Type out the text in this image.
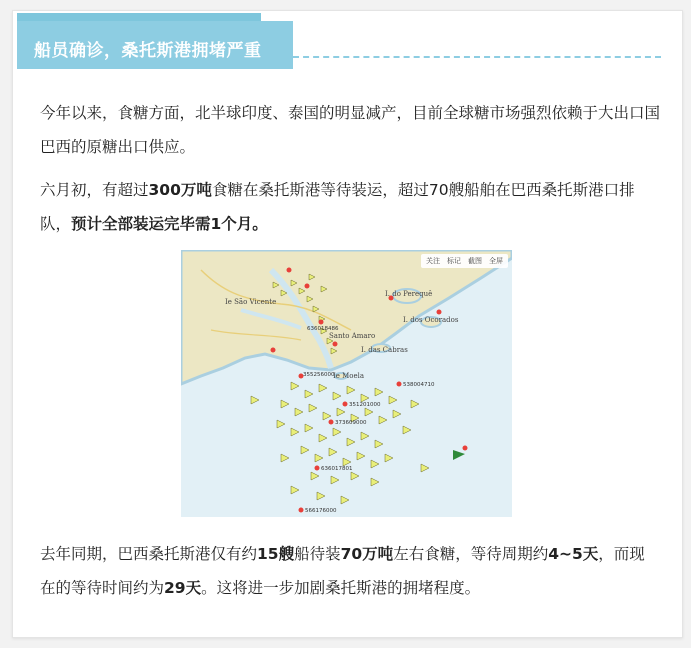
船员确诊，桑托斯港拥堵严重

今年以来，食糖方面，北半球印度、泰国的明显减产，目前全球糖市场强烈依赖于大出口国巴西的原糖出口供应。

六月初，有超过300万吨食糖在桑托斯港等待装运，超过70艘船舶在巴西桑托斯港口排队，预计全部装运完毕需1个月。

Ie São Vicente
Santo Amaro
Ie Moela
I. do Perequê
I. dos Ocorados
I. das Cabras
636018486
355256000
538004710
351201000
373609000
636017801
566176000
关注 标记 截图 全屏

去年同期，巴西桑托斯港仅有约15艘船待装70万吨左右食糖，等待周期约4~5天，而现在的等待时间约为29天。这将进一步加剧桑托斯港的拥堵程度。
